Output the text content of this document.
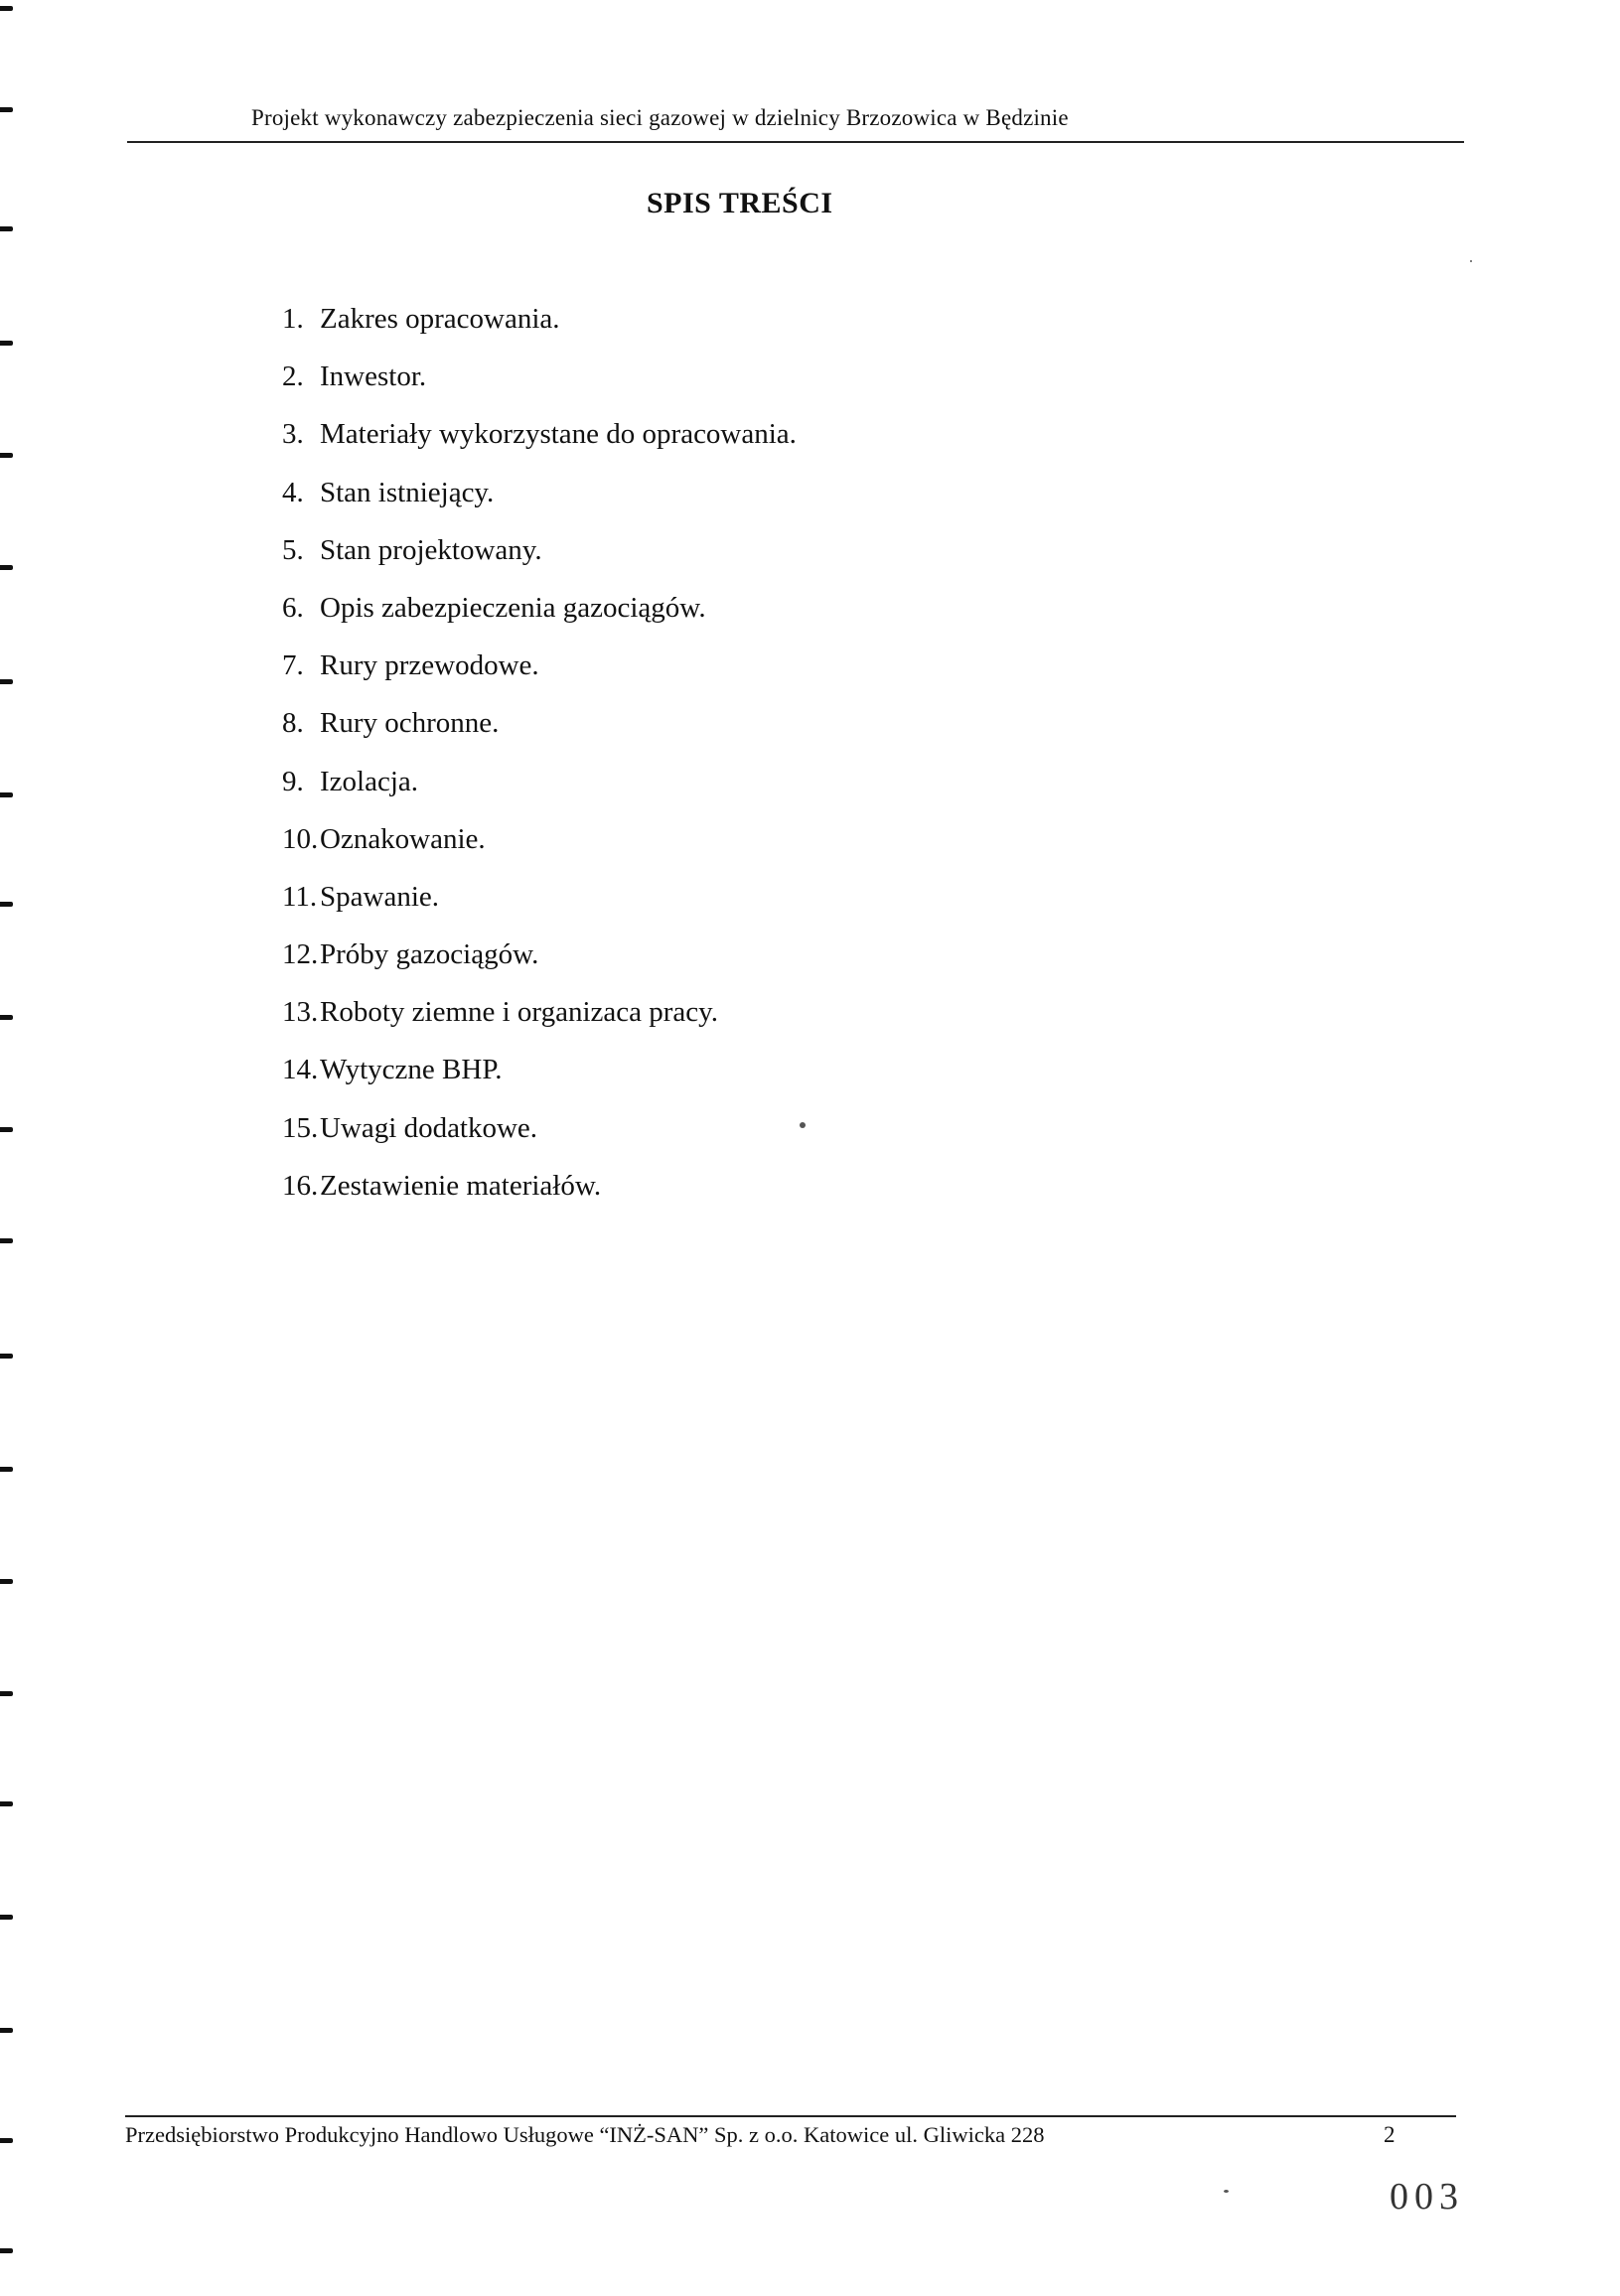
Projekt wykonawczy zabezpieczenia sieci gazowej w dzielnicy Brzozowica w Będzinie
SPIS TREŚCI
1. Zakres opracowania.
2. Inwestor.
3. Materiały wykorzystane do opracowania.
4. Stan istniejący.
5. Stan projektowany.
6. Opis zabezpieczenia gazociągów.
7. Rury przewodowe.
8. Rury ochronne.
9. Izolacja.
10.Oznakowanie.
11.Spawanie.
12.Próby gazociągów.
13.Roboty ziemne i organizaca pracy.
14.Wytyczne BHP.
15.Uwagi dodatkowe.
16.Zestawienie materiałów.
Przedsiębiorstwo Produkcyjno Handlowo Usługowe “INŻ-SAN” Sp. z o.o. Katowice ul. Gliwicka 228	2
003
